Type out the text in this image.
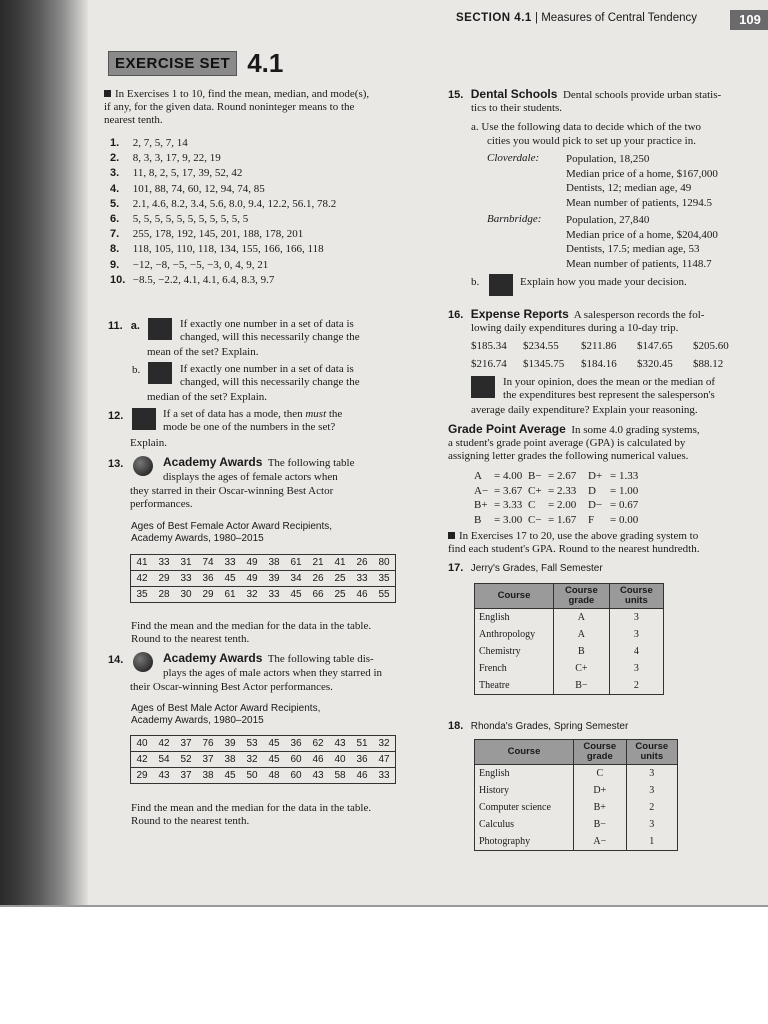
SECTION 4.1 | Measures of Central Tendency	109
EXERCISE SET 4.1
In Exercises 1 to 10, find the mean, median, and mode(s),
if any, for the given data. Round noninteger means to the
nearest tenth.
1. 2, 7, 5, 7, 14
2. 8, 3, 3, 17, 9, 22, 19
3. 11, 8, 2, 5, 17, 39, 52, 42
4. 101, 88, 74, 60, 12, 94, 74, 85
5. 2.1, 4.6, 8.2, 3.4, 5.6, 8.0, 9.4, 12.2, 56.1, 78.2
6. 5, 5, 5, 5, 5, 5, 5, 5, 5, 5, 5
7. 255, 178, 192, 145, 201, 188, 178, 201
8. 118, 105, 110, 118, 134, 155, 166, 166, 118
9. −12, −8, −5, −5, −3, 0, 4, 9, 21
10. −8.5, −2.2, 4.1, 4.1, 6.4, 8.3, 9.7
11. a.	If exactly one number in a set of data is
changed, will this necessarily change the
mean of the set? Explain.
b.	If exactly one number in a set of data is
changed, will this necessarily change the
median of the set? Explain.
12.	If a set of data has a mode, then must the
mode be one of the numbers in the set?
Explain.
13.	Academy Awards The following table
displays the ages of female actors when
they starred in their Oscar-winning Best Actor
performances.
Ages of Best Female Actor Award Recipients,
Academy Awards, 1980–2015
41	33	31	74	33	49	38	61	21	41	26	80
42	29	33	36	45	49	39	34	26	25	33	35
35	28	30	29	61	32	33	45	66	25	46	55
Find the mean and the median for the data in the table.
Round to the nearest tenth.
14.	Academy Awards The following table dis-
plays the ages of male actors when they starred in
their Oscar-winning Best Actor performances.
Ages of Best Male Actor Award Recipients,
Academy Awards, 1980–2015
40	42	37	76	39	53	45	36	62	43	51	32
42	54	52	37	38	32	45	60	46	40	36	47
29	43	37	38	45	50	48	60	43	58	46	33
Find the mean and the median for the data in the table.
Round to the nearest tenth.
15. Dental Schools Dental schools provide urban statis-
tics to their students.
a. Use the following data to decide which of the two
cities you would pick to set up your practice in.
Cloverdale: Population, 18,250
Median price of a home, $167,000
Dentists, 12; median age, 49
Mean number of patients, 1294.5
Barnbridge: Population, 27,840
Median price of a home, $204,400
Dentists, 17.5; median age, 53
Mean number of patients, 1148.7
b.	Explain how you made your decision.
16. Expense Reports A salesperson records the fol-
lowing daily expenditures during a 10-day trip.
$185.34 $234.55 $211.86 $147.65 $205.60
$216.74 $1345.75 $184.16 $320.45 $88.12
In your opinion, does the mean or the median of
the expenditures best represent the salesperson's
average daily expenditure? Explain your reasoning.
Grade Point Average In some 4.0 grading systems,
a student's grade point average (GPA) is calculated by
assigning letter grades the following numerical values.
A = 4.00 B− = 2.67 D+ = 1.33
A− = 3.67 C+ = 2.33 D = 1.00
B+ = 3.33 C = 2.00 D− = 0.67
B = 3.00 C− = 1.67 F = 0.00
In Exercises 17 to 20, use the above grading system to
find each student's GPA. Round to the nearest hundredth.
17. Jerry's Grades, Fall Semester
Course	Course grade	Course units
English	A	3
Anthropology	A	3
Chemistry	B	4
French	C+	3
Theatre	B−	2
18. Rhonda's Grades, Spring Semester
Course	Course grade	Course units
English	C	3
History	D+	3
Computer science	B+	2
Calculus	B−	3
Photography	A−	1
